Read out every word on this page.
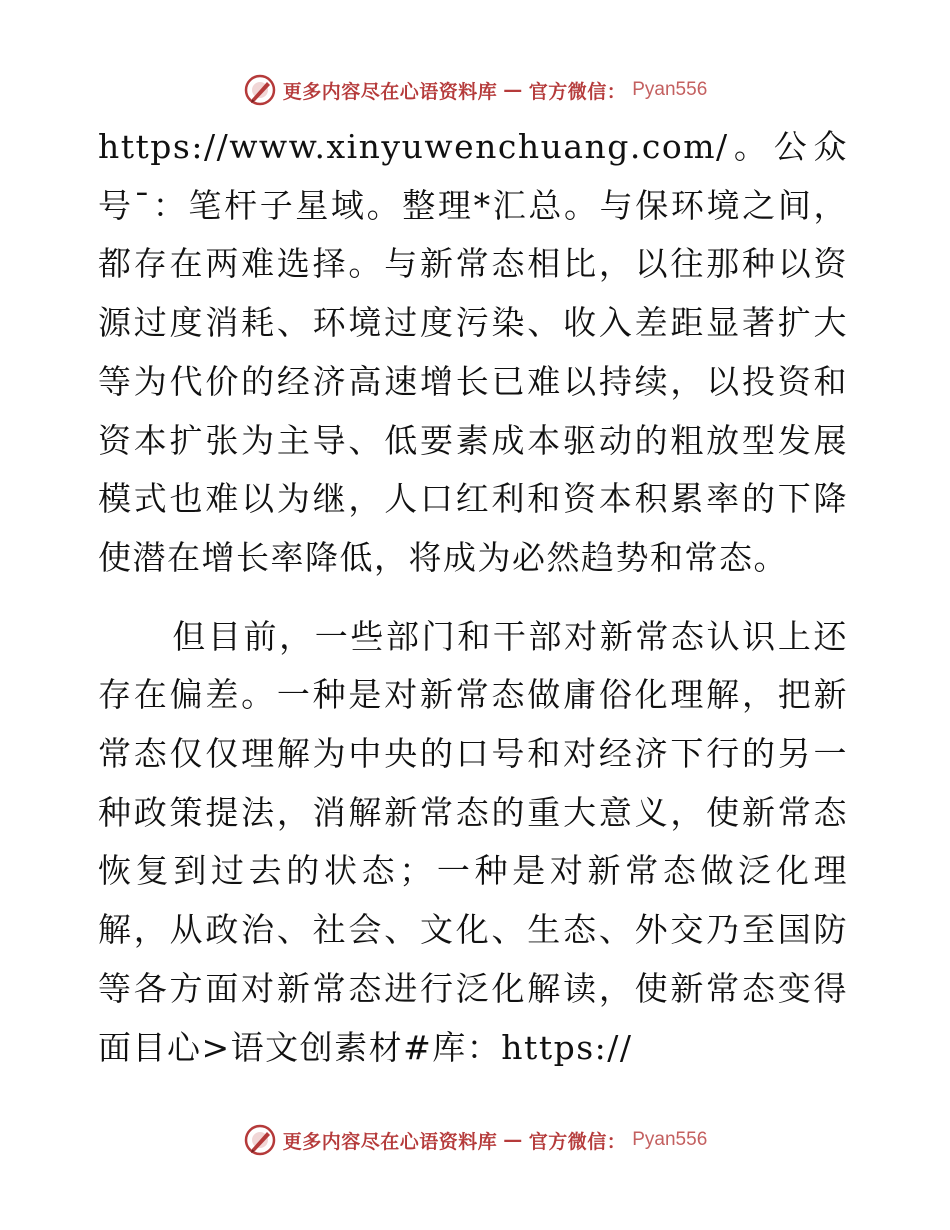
更多内容尽在心语资料库 — 官方微信： Pyan556

https://www.xinyuwenchuang.com/。公众号¯：笔杆子星域。整理*汇总。与保环境之间，都存在两难选择。与新常态相比，以往那种以资源过度消耗、环境过度污染、收入差距显著扩大等为代价的经济高速增长已难以持续，以投资和资本扩张为主导、低要素成本驱动的粗放型发展模式也难以为继，人口红利和资本积累率的下降使潜在增长率降低，将成为必然趋势和常态。

但目前，一些部门和干部对新常态认识上还存在偏差。一种是对新常态做庸俗化理解，把新常态仅仅理解为中央的口号和对经济下行的另一种政策提法，消解新常态的重大意义，使新常态恢复到过去的状态；一种是对新常态做泛化理解，从政治、社会、文化、生态、外交乃至国防等各方面对新常态进行泛化解读，使新常态变得面目心>语文创素材#库：https://

更多内容尽在心语资料库 — 官方微信： Pyan556
